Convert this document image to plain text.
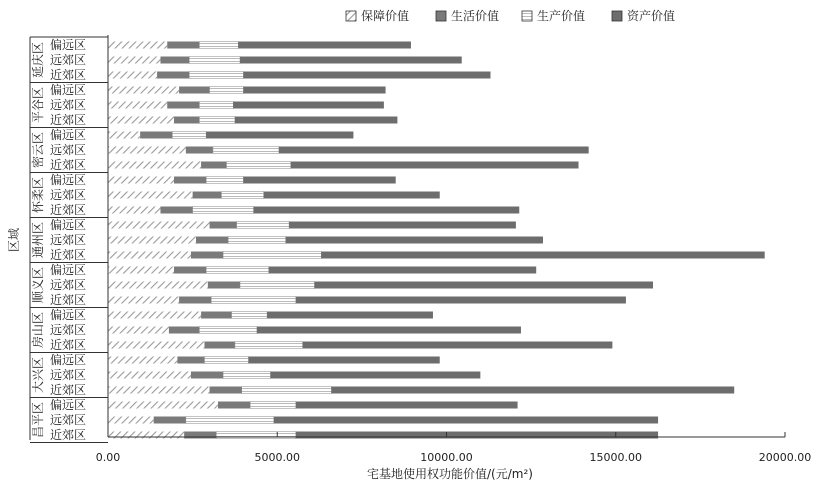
保障价值	生活价值	生产价值	资产价值
0.00	5000.00	10000.00	15000.00	20000.00
偏远区
远郊区
近郊区
延庆区
偏远区
远郊区
近郊区
平谷区
偏远区
远郊区
近郊区
密云区
偏远区
远郊区
近郊区
怀柔区
偏远区
远郊区
近郊区
通州区
偏远区
远郊区
近郊区
顺义区
偏远区
远郊区
近郊区
房山区
偏远区
远郊区
近郊区
大兴区
偏远区
远郊区
近郊区
昌平区
区域
宅基地使用权功能价值/(元/m²)
